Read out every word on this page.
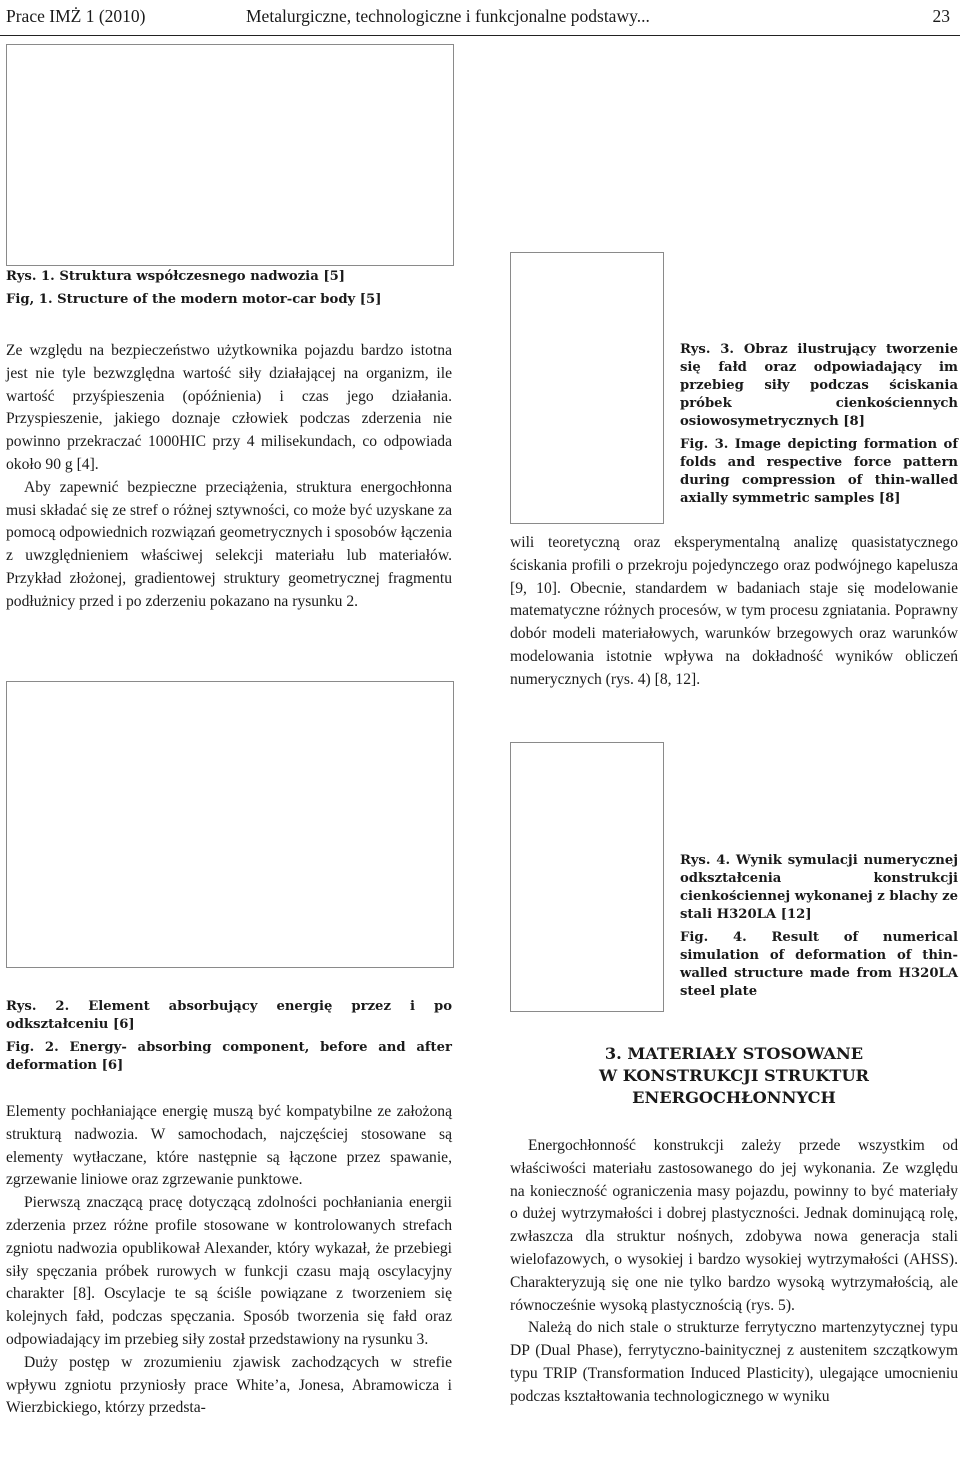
Prace IMŻ 1 (2010)	Metalurgiczne, technologiczne i funkcjonalne podstawy...	23

Rys. 1. Struktura współczesnego nadwozia [5]

Fig, 1. Structure of the modern motor-car body [5]

Ze względu na bezpieczeństwo użytkownika pojazdu bardzo istotna jest nie tyle bezwzględna wartość siły działającej na organizm, ile wartość przyśpieszenia (opóźnienia) i czas jego działania. Przyspieszenie, jakiego doznaje człowiek podczas zderzenia nie powinno przekraczać 1000HIC przy 4 milisekundach, co odpowiada około 90 g [4].

Aby zapewnić bezpieczne przeciążenia, struktura energochłonna musi składać się ze stref o różnej sztywności, co może być uzyskane za pomocą odpowiednich rozwiązań geometrycznych i sposobów łączenia z uwzględnieniem właściwej selekcji materiału lub materiałów. Przykład złożonej, gradientowej struktury geometrycznej fragmentu podłużnicy przed i po zderzeniu pokazano na rysunku 2.

Rys. 2. Element absorbujący energię przez i po odkształceniu [6]

Fig. 2. Energy- absorbing component, before and after deformation [6]

Elementy pochłaniające energię muszą być kompatybilne ze założoną strukturą nadwozia. W samochodach, najczęściej stosowane są elementy wytłaczane, które następnie są łączone przez spawanie, zgrzewanie liniowe oraz zgrzewanie punktowe.

Pierwszą znaczącą pracę dotyczącą zdolności pochłaniania energii zderzenia przez różne profile stosowane w kontrolowanych strefach zgniotu nadwozia opublikował Alexander, który wykazał, że przebiegi siły spęczania próbek rurowych w funkcji czasu mają oscylacyjny charakter [8]. Oscylacje te są ściśle powiązane z tworzeniem się kolejnych fałd, podczas spęczania. Sposób tworzenia się fałd oraz odpowiadający im przebieg siły został przedstawiony na rysunku 3.

Duży postęp w zrozumieniu zjawisk zachodzących w strefie wpływu zgniotu przyniosły prace White’a, Jonesa, Abramowicza i Wierzbickiego, którzy przedsta-

Rys. 3. Obraz ilustrujący tworzenie się fałd oraz odpowiadający im przebieg siły podczas ściskania próbek cienkościennych osiowosymetrycznych [8]

Fig. 3. Image depicting formation of folds and respective force pattern during compression of thin-walled axially symmetric samples [8]

wili teoretyczną oraz eksperymentalną analizę quasistatycznego ściskania profili o przekroju pojedynczego oraz podwójnego kapelusza [9, 10]. Obecnie, standardem w badaniach staje się modelowanie matematyczne różnych procesów, w tym procesu zgniatania. Poprawny dobór modeli materiałowych, warunków brzegowych oraz warunków modelowania istotnie wpływa na dokładność wyników obliczeń numerycznych (rys. 4) [8, 12].

Rys. 4. Wynik symulacji numerycznej odkształcenia konstrukcji cienkościennej wykonanej z blachy ze stali H320LA [12]

Fig. 4. Result of numerical simulation of deformation of thin-walled structure made from H320LA steel plate

3. MATERIAŁY STOSOWANE
W KONSTRUKCJI STRUKTUR
ENERGOCHŁONNYCH

Energochłonność konstrukcji zależy przede wszystkim od właściwości materiału zastosowanego do jej wykonania. Ze względu na konieczność ograniczenia masy pojazdu, powinny to być materiały o dużej wytrzymałości i dobrej plastyczności. Jednak dominującą rolę, zwłaszcza dla struktur nośnych, zdobywa nowa generacja stali wielofazowych, o wysokiej i bardzo wysokiej wytrzymałości (AHSS). Charakteryzują się one nie tylko bardzo wysoką wytrzymałością, ale równocześnie wysoką plastycznością (rys. 5).

Należą do nich stale o strukturze ferrytyczno martenzytycznej typu DP (Dual Phase), ferrytyczno-bainitycznej z austenitem szczątkowym typu TRIP (Transformation Induced Plasticity), ulegające umocnieniu podczas kształtowania technologicznego w wyniku
